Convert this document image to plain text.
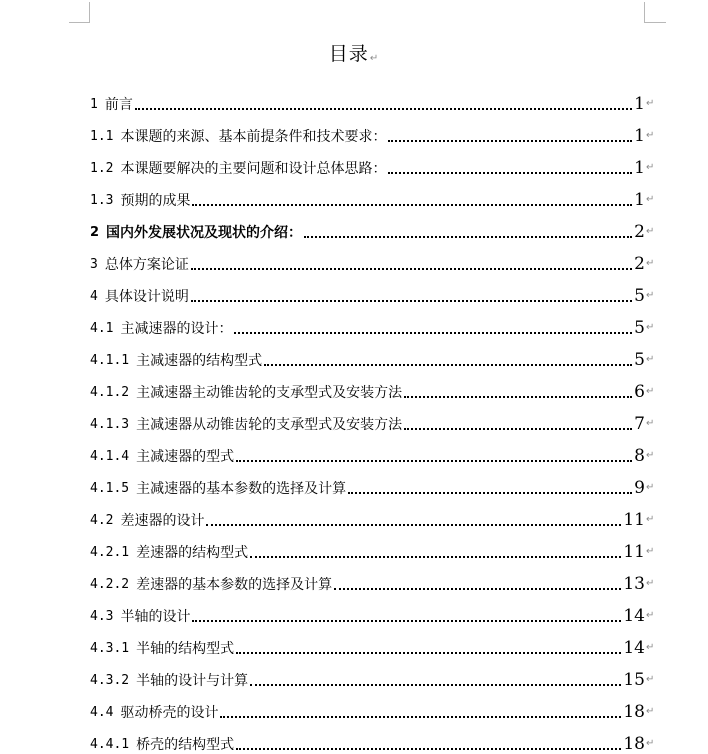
目录↵
1 前言	1 ↵
1.1 本课题的来源、基本前提条件和技术要求：	1 ↵
1.2 本课题要解决的主要问题和设计总体思路：	1 ↵
1.3 预期的成果	1 ↵
2 国内外发展状况及现状的介绍：	2 ↵
3 总体方案论证	2 ↵
4 具体设计说明	5 ↵
4.1 主减速器的设计：	5 ↵
4.1.1 主减速器的结构型式	5 ↵
4.1.2 主减速器主动锥齿轮的支承型式及安装方法	6 ↵
4.1.3 主减速器从动锥齿轮的支承型式及安装方法	7 ↵
4.1.4 主减速器的型式	8 ↵
4.1.5 主减速器的基本参数的选择及计算	9 ↵
4.2 差速器的设计	11 ↵
4.2.1 差速器的结构型式	11 ↵
4.2.2 差速器的基本参数的选择及计算	13 ↵
4.3 半轴的设计	14 ↵
4.3.1 半轴的结构型式	14 ↵
4.3.2 半轴的设计与计算	15 ↵
4.4 驱动桥壳的设计	18 ↵
4.4.1 桥壳的结构型式	18 ↵
